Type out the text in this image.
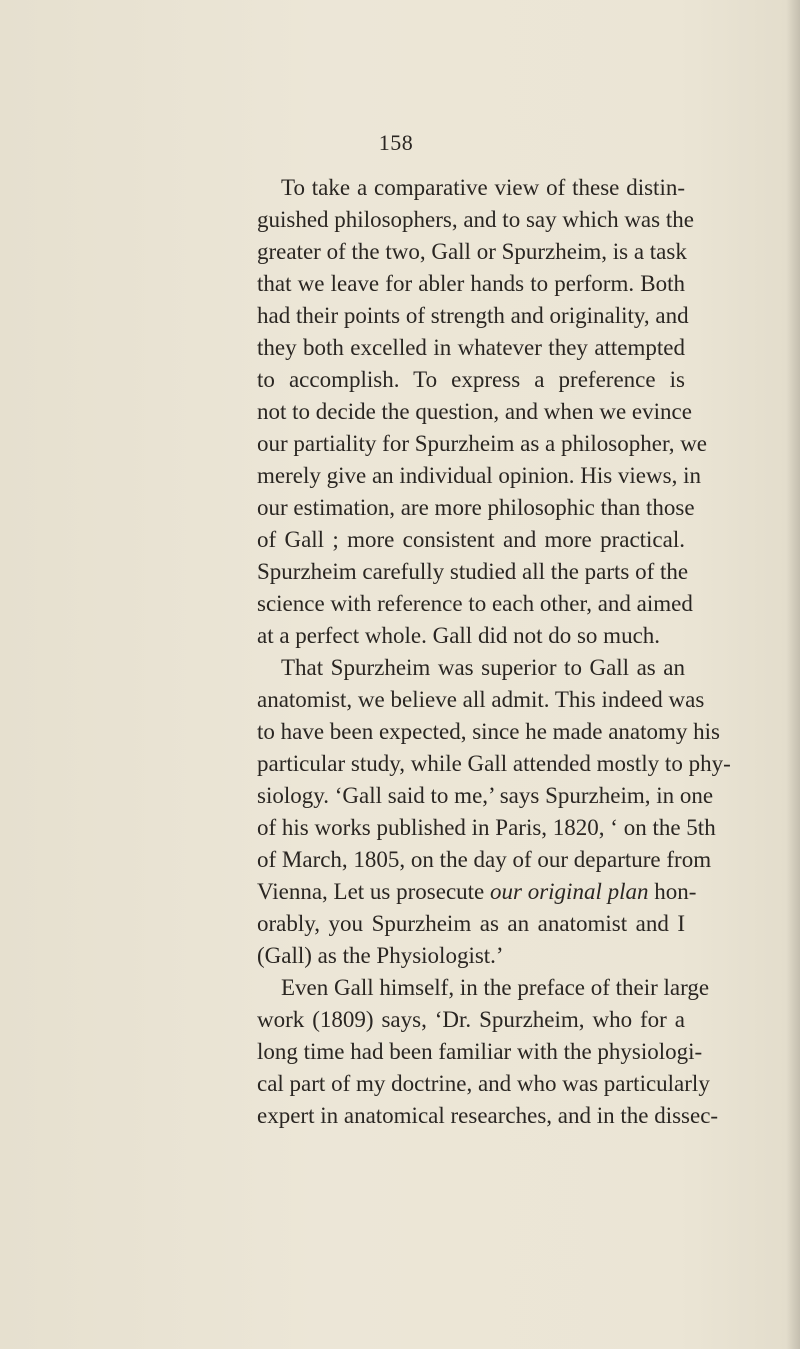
158
To take a comparative view of these distin-
guished philosophers, and to say which was the
greater of the two, Gall or Spurzheim, is a task
that we leave for abler hands to perform. Both
had their points of strength and originality, and
they both excelled in whatever they attempted
to accomplish. To express a preference is
not to decide the question, and when we evince
our partiality for Spurzheim as a philosopher, we
merely give an individual opinion. His views, in
our estimation, are more philosophic than those
of Gall ; more consistent and more practical.
Spurzheim carefully studied all the parts of the
science with reference to each other, and aimed
at a perfect whole. Gall did not do so much.
That Spurzheim was superior to Gall as an
anatomist, we believe all admit. This indeed was
to have been expected, since he made anatomy his
particular study, while Gall attended mostly to phy-
siology. ‘Gall said to me,’ says Spurzheim, in one
of his works published in Paris, 1820, ‘ on the 5th
of March, 1805, on the day of our departure from
Vienna, Let us prosecute our original plan hon-
orably, you Spurzheim as an anatomist and I
(Gall) as the Physiologist.’
Even Gall himself, in the preface of their large
work (1809) says, ‘Dr. Spurzheim, who for a
long time had been familiar with the physiologi-
cal part of my doctrine, and who was particularly
expert in anatomical researches, and in the dissec-
